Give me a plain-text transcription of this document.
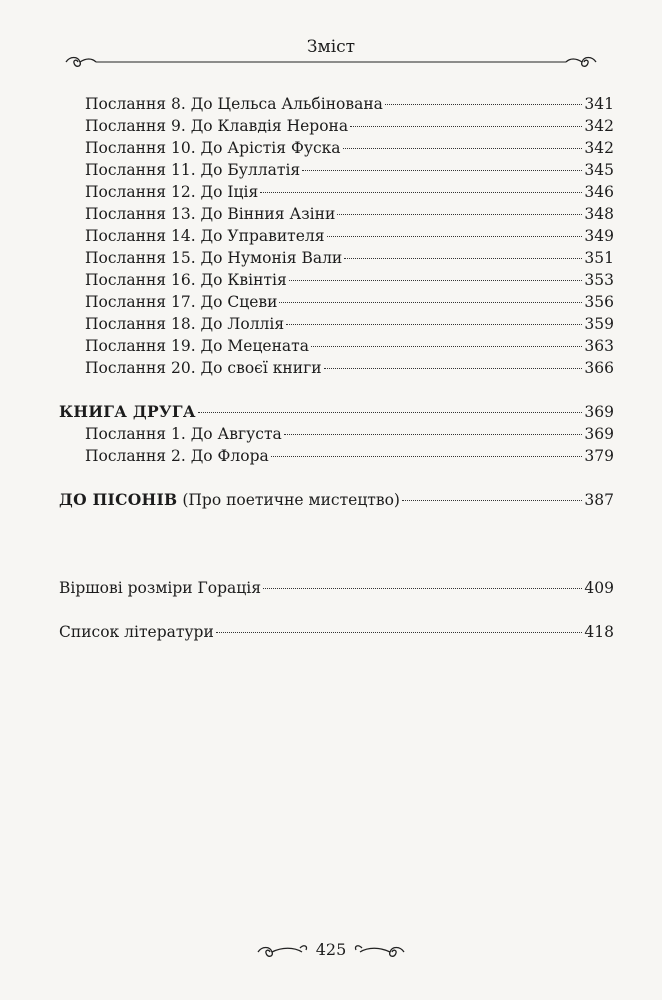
Зміст
Послання 8. До Цельса Альбінована	341
Послання 9. До Клавдія Нерона	342
Послання 10. До Арістія Фуска	342
Послання 11. До Буллатія	345
Послання 12. До Іція	346
Послання 13. До Вінния Азіни	348
Послання 14. До Управителя	349
Послання 15. До Нумонія Вали	351
Послання 16. До Квінтія	353
Послання 17. До Сцеви	356
Послання 18. До Лоллія	359
Послання 19. До Мецената	363
Послання 20. До своєї книги	366
КНИГА ДРУГА	369
Послання 1. До Августа	369
Послання 2. До Флора	379
ДО ПІСОНІВ (Про поетичне мистецтво)	387
Віршові розміри Горація	409
Список літератури	418
425
